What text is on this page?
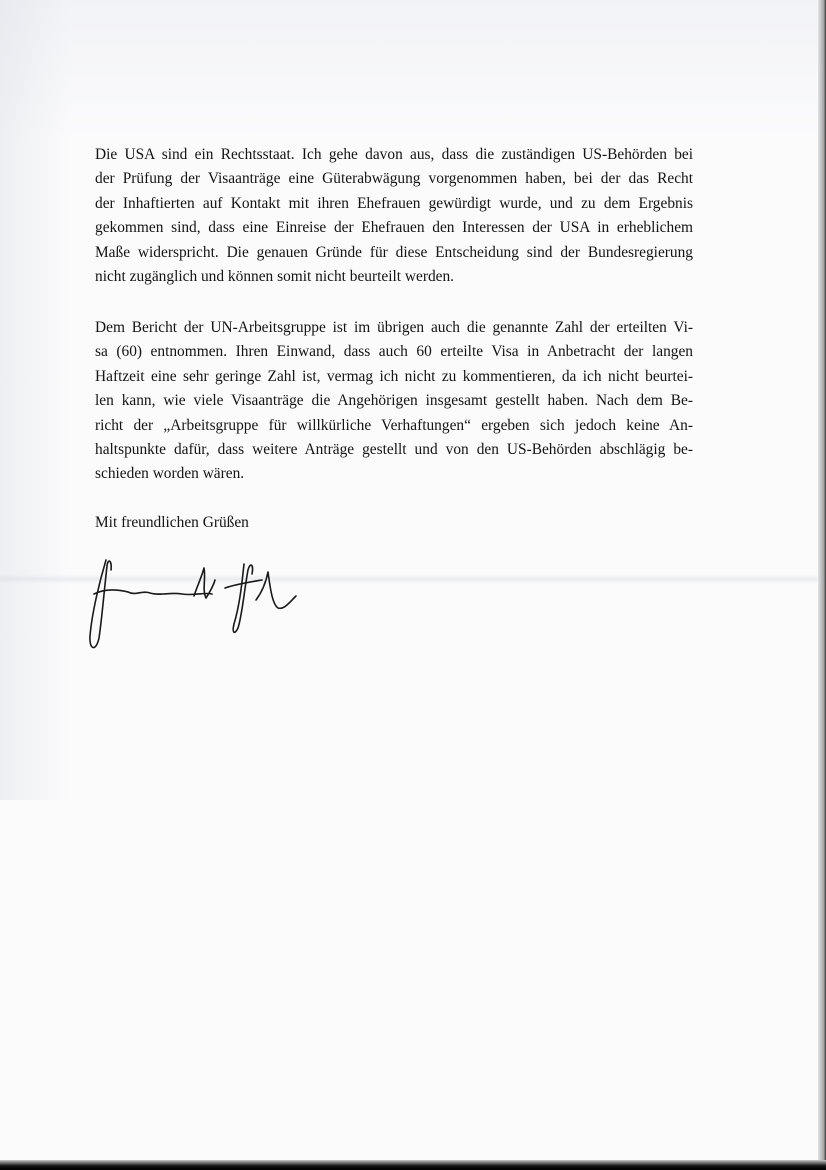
Die USA sind ein Rechtsstaat. Ich gehe davon aus, dass die zuständigen US-Behörden bei
der Prüfung der Visaanträge eine Güterabwägung vorgenommen haben, bei der das Recht
der Inhaftierten auf Kontakt mit ihren Ehefrauen gewürdigt wurde, und zu dem Ergebnis
gekommen sind, dass eine Einreise der Ehefrauen den Interessen der USA in erheblichem
Maße widerspricht. Die genauen Gründe für diese Entscheidung sind der Bundesregierung
nicht zugänglich und können somit nicht beurteilt werden.
Dem Bericht der UN-Arbeitsgruppe ist im übrigen auch die genannte Zahl der erteilten Vi-
sa (60) entnommen. Ihren Einwand, dass auch 60 erteilte Visa in Anbetracht der langen
Haftzeit eine sehr geringe Zahl ist, vermag ich nicht zu kommentieren, da ich nicht beurtei-
len kann, wie viele Visaanträge die Angehörigen insgesamt gestellt haben. Nach dem Be-
richt der „Arbeitsgruppe für willkürliche Verhaftungen“ ergeben sich jedoch keine An-
haltspunkte dafür, dass weitere Anträge gestellt und von den US-Behörden abschlägig be-
schieden worden wären.
Mit freundlichen Grüßen
